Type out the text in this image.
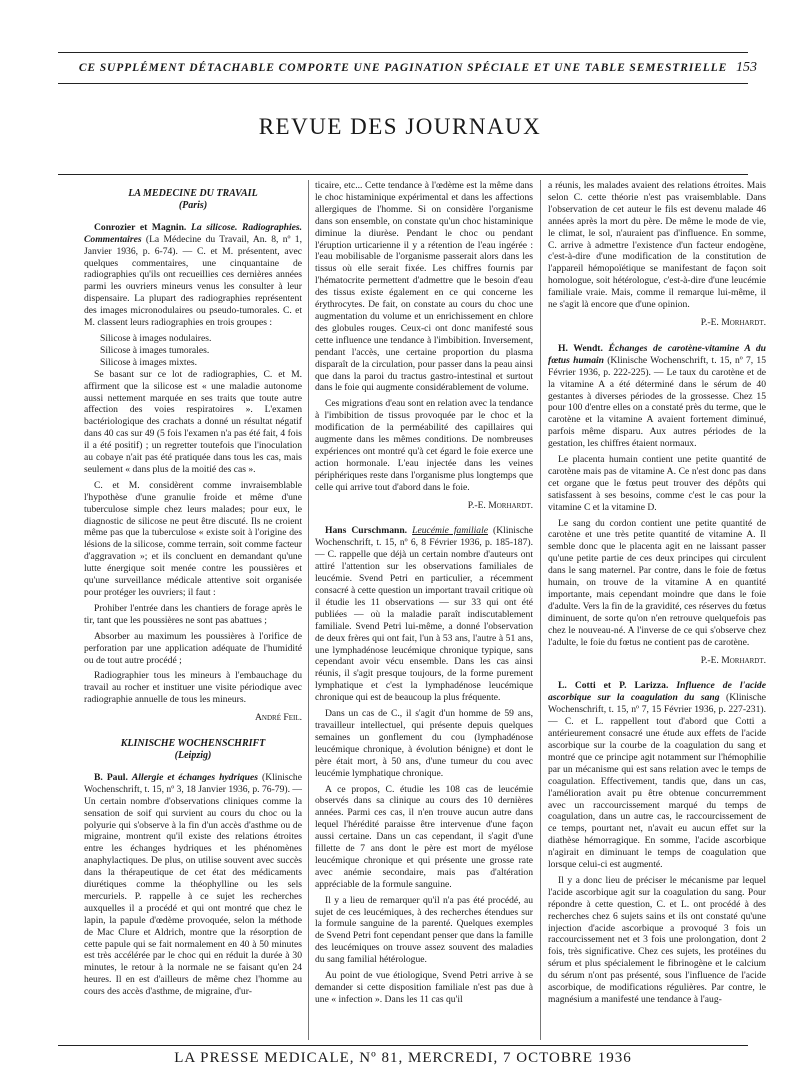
CE SUPPLÉMENT DÉTACHABLE COMPORTE UNE PAGINATION SPÉCIALE ET UNE TABLE SEMESTRIELLE 153
REVUE DES JOURNAUX

LA MEDECINE DU TRAVAIL

(Paris)

Conrozier et Magnin. La silicose. Radiographies. Commentaires (La Médecine du Travail, An. 8, nº 1, Janvier 1936, p. 6-74). — C. et M. présentent, avec quelques commentaires, une cinquantaine de radiographies qu'ils ont recueillies ces dernières années parmi les ouvriers mineurs venus les consulter à leur dispensaire. La plupart des radiographies représentent des images micronodulaires ou pseudo-tumorales. C. et M. classent leurs radiographies en trois groupes :

Silicose à images nodulaires.

Silicose à images tumorales.

Silicose à images mixtes.

Se basant sur ce lot de radiographies, C. et M. affirment que la silicose est « une maladie autonome aussi nettement marquée en ses traits que toute autre affection des voies respiratoires ». L'examen bactériologique des crachats a donné un résultat négatif dans 40 cas sur 49 (5 fois l'examen n'a pas été fait, 4 fois il a été positif) ; un regretter toutefois que l'inoculation au cobaye n'ait pas été pratiquée dans tous les cas, mais seulement « dans plus de la moitié des cas ».

C. et M. considèrent comme invraisemblable l'hypothèse d'une granulie froide et même d'une tuberculose simple chez leurs malades; pour eux, le diagnostic de silicose ne peut être discuté. Ils ne croient même pas que la tuberculose « existe soit à l'origine des lésions de la silicose, comme terrain, soit comme facteur d'aggravation »; et ils concluent en demandant qu'une lutte énergique soit menée contre les poussières et qu'une surveillance médicale attentive soit organisée pour protéger les ouvriers; il faut :

Prohiber l'entrée dans les chantiers de forage après le tir, tant que les poussières ne sont pas abattues ;

Absorber au maximum les poussières à l'orifice de perforation par une application adéquate de l'humidité ou de tout autre procédé ;

Radiographier tous les mineurs à l'embauchage du travail au rocher et instituer une visite périodique avec radiographie annuelle de tous les mineurs.

André Feil.

KLINISCHE WOCHENSCHRIFT

(Leipzig)

B. Paul. Allergie et échanges hydriques (Klinische Wochenschrift, t. 15, nº 3, 18 Janvier 1936, p. 76-79). — Un certain nombre d'observations cliniques comme la sensation de soif qui survient au cours du choc ou la polyurie qui s'observe à la fin d'un accès d'asthme ou de migraine, montrent qu'il existe des relations étroites entre les échanges hydriques et les phénomènes anaphylactiques. De plus, on utilise souvent avec succès dans la thérapeutique de cet état des médicaments diurétiques comme la théophylline ou les sels mercuriels. P. rappelle à ce sujet les recherches auxquelles il a procédé et qui ont montré que chez le lapin, la papule d'œdème provoquée, selon la méthode de Mac Clure et Aldrich, montre que la résorption de cette papule qui se fait normalement en 40 à 50 minutes est très accélérée par le choc qui en réduit la durée à 30 minutes, le retour à la normale ne se faisant qu'en 24 heures. Il en est d'ailleurs de même chez l'homme au cours des accès d'asthme, de migraine, d'ur-

ticaire, etc... Cette tendance à l'œdème est la même dans le choc histaminique expérimental et dans les affections allergiques de l'homme. Si on considère l'organisme dans son ensemble, on constate qu'un choc histaminique diminue la diurèse. Pendant le choc ou pendant l'éruption urticarienne il y a rétention de l'eau ingérée : l'eau mobilisable de l'organisme passerait alors dans les tissus où elle serait fixée. Les chiffres fournis par l'hématocrite permettent d'admettre que le besoin d'eau des tissus existe également en ce qui concerne les érythrocytes. De fait, on constate au cours du choc une augmentation du volume et un enrichissement en chlore des globules rouges. Ceux-ci ont donc manifesté sous cette influence une tendance à l'imbibition. Inversement, pendant l'accès, une certaine proportion du plasma disparaît de la circulation, pour passer dans la peau ainsi que dans la paroi du tractus gastro-intestinal et surtout dans le foie qui augmente considérablement de volume.

Ces migrations d'eau sont en relation avec la tendance à l'imbibition de tissus provoquée par le choc et la modification de la perméabilité des capillaires qui augmente dans les mêmes conditions. De nombreuses expériences ont montré qu'à cet égard le foie exerce une action hormonale. L'eau injectée dans les veines périphériques reste dans l'organisme plus longtemps que celle qui arrive tout d'abord dans le foie.

P.-E. Morhardt.

Hans Curschmann. Leucémie familiale (Klinische Wochenschrift, t. 15, nº 6, 8 Février 1936, p. 185-187). — C. rappelle que déjà un certain nombre d'auteurs ont attiré l'attention sur les observations familiales de leucémie. Svend Petri en particulier, a récemment consacré à cette question un important travail critique où il étudie les 11 observations — sur 33 qui ont été publiées — où la maladie paraît indiscutablement familiale. Svend Petri lui-même, a donné l'observation de deux frères qui ont fait, l'un à 53 ans, l'autre à 51 ans, une lymphadénose leucémique chronique typique, sans cependant avoir vécu ensemble. Dans les cas ainsi réunis, il s'agit presque toujours, de la forme purement lymphatique et c'est la lymphadénose leucémique chronique qui est de beaucoup la plus fréquente.

Dans un cas de C., il s'agit d'un homme de 59 ans, travailleur intellectuel, qui présente depuis quelques semaines un gonflement du cou (lymphadénose leucémique chronique, à évolution bénigne) et dont le père était mort, à 50 ans, d'une tumeur du cou avec leucémie lymphatique chronique.

A ce propos, C. étudie les 108 cas de leucémie observés dans sa clinique au cours des 10 dernières années. Parmi ces cas, il n'en trouve aucun autre dans lequel l'hérédité paraisse être intervenue d'une façon aussi certaine. Dans un cas cependant, il s'agit d'une fillette de 7 ans dont le père est mort de myélose leucémique chronique et qui présente une grosse rate avec anémie secondaire, mais pas d'altération appréciable de la formule sanguine.

Il y a lieu de remarquer qu'il n'a pas été procédé, au sujet de ces leucémiques, à des recherches étendues sur la formule sanguine de la parenté. Quelques exemples de Svend Petri font cependant penser que dans la famille des leucémiques on trouve assez souvent des maladies du sang familial hétérologue.

Au point de vue étiologique, Svend Petri arrive à se demander si cette disposition familiale n'est pas due à une « infection ». Dans les 11 cas qu'il

a réunis, les malades avaient des relations étroites. Mais selon C. cette théorie n'est pas vraisemblable. Dans l'observation de cet auteur le fils est devenu malade 46 années après la mort du père. De même le mode de vie, le climat, le sol, n'auraient pas d'influence. En somme, C. arrive à admettre l'existence d'un facteur endogène, c'est-à-dire d'une modification de la constitution de l'appareil hémopoïétique se manifestant de façon soit homologue, soit hétérologue, c'est-à-dire d'une leucémie familiale vraie. Mais, comme il remarque lui-même, il ne s'agit là encore que d'une opinion.

P.-E. Morhardt.

H. Wendt. Échanges de carotène-vitamine A du fœtus humain (Klinische Wochenschrift, t. 15, nº 7, 15 Février 1936, p. 222-225). — Le taux du carotène et de la vitamine A a été déterminé dans le sérum de 40 gestantes à diverses périodes de la grossesse. Chez 15 pour 100 d'entre elles on a constaté près du terme, que le carotène et la vitamine A avaient fortement diminué, parfois même disparu. Aux autres périodes de la gestation, les chiffres étaient normaux.

Le placenta humain contient une petite quantité de carotène mais pas de vitamine A. Ce n'est donc pas dans cet organe que le fœtus peut trouver des dépôts qui satisfassent à ses besoins, comme c'est le cas pour la vitamine C et la vitamine D.

Le sang du cordon contient une petite quantité de carotène et une très petite quantité de vitamine A. Il semble donc que le placenta agit en ne laissant passer qu'une petite partie de ces deux principes qui circulent dans le sang maternel. Par contre, dans le foie de fœtus humain, on trouve de la vitamine A en quantité importante, mais cependant moindre que dans le foie d'adulte. Vers la fin de la gravidité, ces réserves du fœtus diminuent, de sorte qu'on n'en retrouve quelquefois pas chez le nouveau-né. A l'inverse de ce qui s'observe chez l'adulte, le foie du fœtus ne contient pas de carotène.

P.-E. Morhardt.

L. Cotti et P. Larizza. Influence de l'acide ascorbique sur la coagulation du sang (Klinische Wochenschrift, t. 15, nº 7, 15 Février 1936, p. 227-231). — C. et L. rappellent tout d'abord que Cotti a antérieurement consacré une étude aux effets de l'acide ascorbique sur la courbe de la coagulation du sang et montré que ce principe agit notamment sur l'hémophilie par un mécanisme qui est sans relation avec le temps de coagulation. Effectivement, tandis que, dans un cas, l'amélioration avait pu être obtenue concurremment avec un raccourcissement marqué du temps de coagulation, dans un autre cas, le raccourcissement de ce temps, pourtant net, n'avait eu aucun effet sur la diathèse hémorragique. En somme, l'acide ascorbique n'agirait en diminuant le temps de coagulation que lorsque celui-ci est augmenté.

Il y a donc lieu de préciser le mécanisme par lequel l'acide ascorbique agit sur la coagulation du sang. Pour répondre à cette question, C. et L. ont procédé à des recherches chez 6 sujets sains et ils ont constaté qu'une injection d'acide ascorbique a provoqué 3 fois un raccourcissement net et 3 fois une prolongation, dont 2 fois, très significative. Chez ces sujets, les protéines du sérum et plus spécialement le fibrinogène et le calcium du sérum n'ont pas présenté, sous l'influence de l'acide ascorbique, de modifications régulières. Par contre, le magnésium a manifesté une tendance à l'aug-

LA PRESSE MEDICALE, Nº 81, MERCREDI, 7 OCTOBRE 1936
